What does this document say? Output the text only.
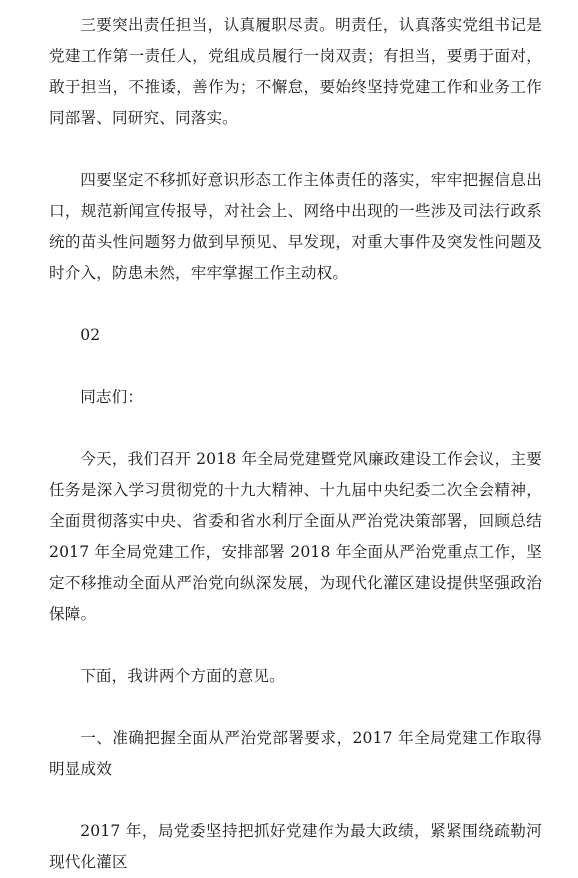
三要突出责任担当，认真履职尽责。明责任，认真落实党组书记是党建工作第一责任人，党组成员履行一岗双责；有担当，要勇于面对，敢于担当，不推诿，善作为；不懈怠，要始终坚持党建工作和业务工作同部署、同研究、同落实。

四要坚定不移抓好意识形态工作主体责任的落实，牢牢把握信息出口，规范新闻宣传报导，对社会上、网络中出现的一些涉及司法行政系统的苗头性问题努力做到早预见、早发现，对重大事件及突发性问题及时介入，防患未然，牢牢掌握工作主动权。

02

同志们：

今天，我们召开 2018 年全局党建暨党风廉政建设工作会议，主要任务是深入学习贯彻党的十九大精神、十九届中央纪委二次全会精神，全面贯彻落实中央、省委和省水利厅全面从严治党决策部署，回顾总结 2017 年全局党建工作，安排部署 2018 年全面从严治党重点工作，坚定不移推动全面从严治党向纵深发展，为现代化灌区建设提供坚强政治保障。

下面，我讲两个方面的意见。

一、准确把握全面从严治党部署要求，2017 年全局党建工作取得明显成效

2017 年，局党委坚持把抓好党建作为最大政绩，紧紧围绕疏勒河现代化灌区
